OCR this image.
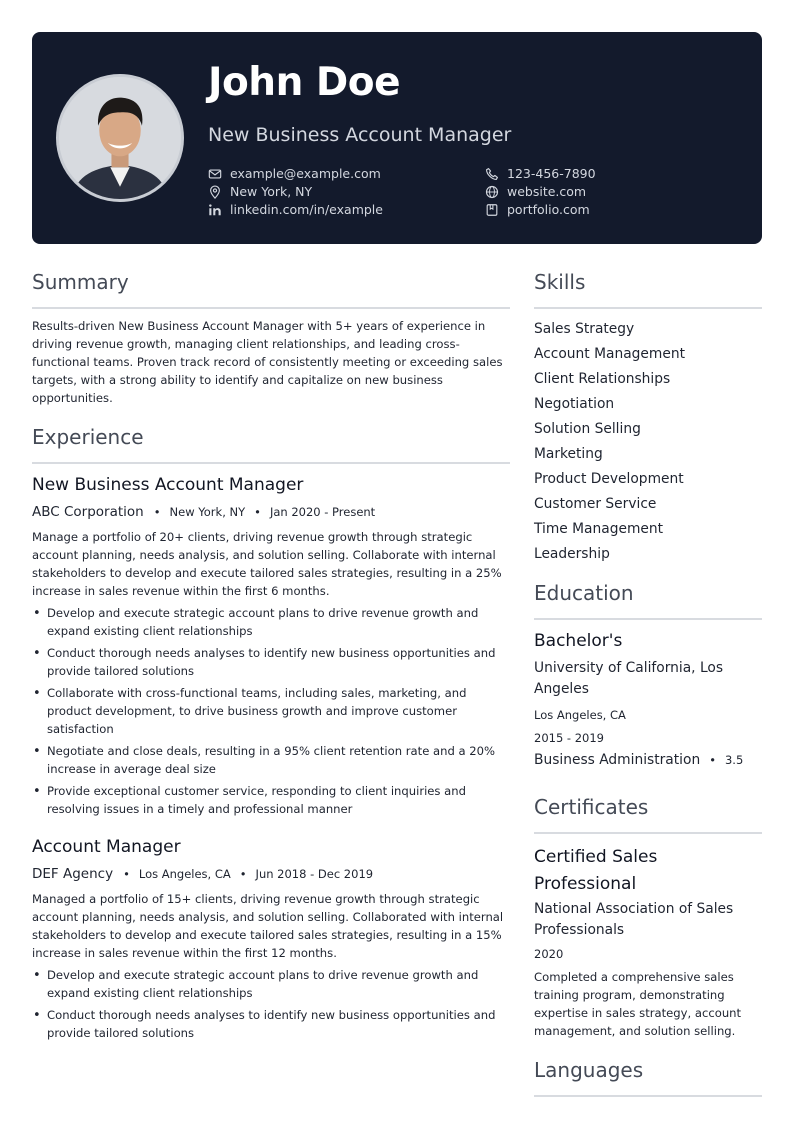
John Doe
New Business Account Manager
example@example.com
New York, NY
linkedin.com/in/example
123-456-7890
website.com
portfolio.com
Summary
Results-driven New Business Account Manager with 5+ years of experience in driving revenue growth, managing client relationships, and leading cross-functional teams. Proven track record of consistently meeting or exceeding sales targets, with a strong ability to identify and capitalize on new business opportunities.
Experience
New Business Account Manager
ABC Corporation • New York, NY • Jan 2020 - Present
Manage a portfolio of 20+ clients, driving revenue growth through strategic account planning, needs analysis, and solution selling. Collaborate with internal stakeholders to develop and execute tailored sales strategies, resulting in a 25% increase in sales revenue within the first 6 months.
• Develop and execute strategic account plans to drive revenue growth and expand existing client relationships
• Conduct thorough needs analyses to identify new business opportunities and provide tailored solutions
• Collaborate with cross-functional teams, including sales, marketing, and product development, to drive business growth and improve customer satisfaction
• Negotiate and close deals, resulting in a 95% client retention rate and a 20% increase in average deal size
• Provide exceptional customer service, responding to client inquiries and resolving issues in a timely and professional manner
Account Manager
DEF Agency • Los Angeles, CA • Jun 2018 - Dec 2019
Managed a portfolio of 15+ clients, driving revenue growth through strategic account planning, needs analysis, and solution selling. Collaborated with internal stakeholders to develop and execute tailored sales strategies, resulting in a 15% increase in sales revenue within the first 12 months.
• Develop and execute strategic account plans to drive revenue growth and expand existing client relationships
• Conduct thorough needs analyses to identify new business opportunities and provide tailored solutions
Skills
Sales Strategy
Account Management
Client Relationships
Negotiation
Solution Selling
Marketing
Product Development
Customer Service
Time Management
Leadership
Education
Bachelor's
University of California, Los Angeles
Los Angeles, CA
2015 - 2019
Business Administration • 3.5
Certificates
Certified Sales Professional
National Association of Sales Professionals
2020
Completed a comprehensive sales training program, demonstrating expertise in sales strategy, account management, and solution selling.
Languages
